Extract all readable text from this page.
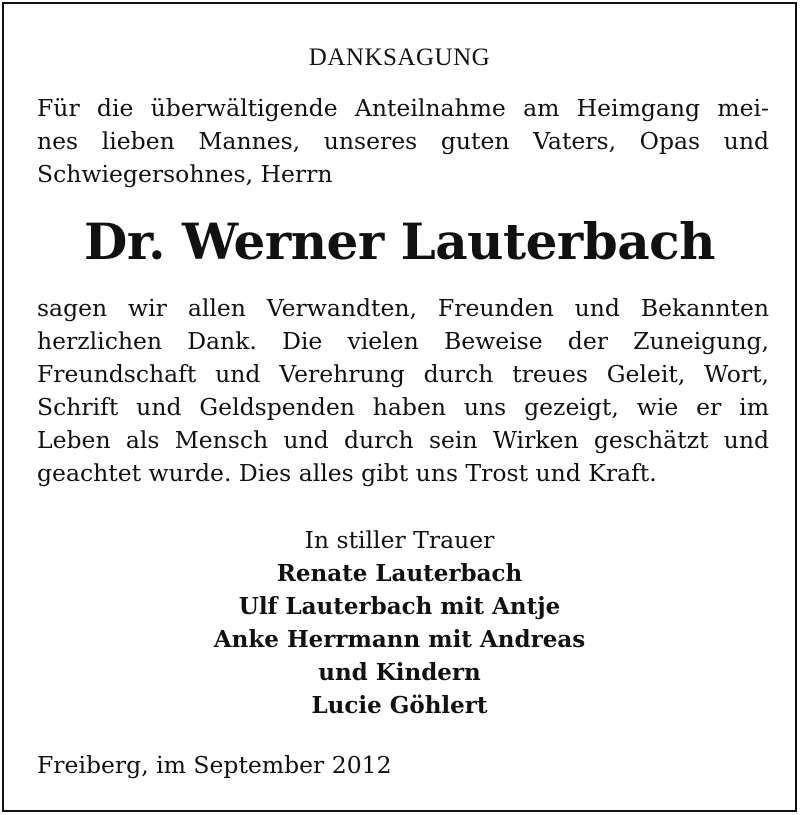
DANKSAGUNG

Für die überwältigende Anteilnahme am Heimgang mei-
nes lieben Mannes, unseres guten Vaters, Opas und
Schwiegersohnes, Herrn

Dr. Werner Lauterbach

sagen wir allen Verwandten, Freunden und Bekannten
herzlichen Dank. Die vielen Beweise der Zuneigung,
Freundschaft und Verehrung durch treues Geleit, Wort,
Schrift und Geldspenden haben uns gezeigt, wie er im
Leben als Mensch und durch sein Wirken geschätzt und
geachtet wurde. Dies alles gibt uns Trost und Kraft.

In stiller Trauer

Renate Lauterbach
Ulf Lauterbach mit Antje
Anke Herrmann mit Andreas
und Kindern
Lucie Göhlert

Freiberg, im September 2012
